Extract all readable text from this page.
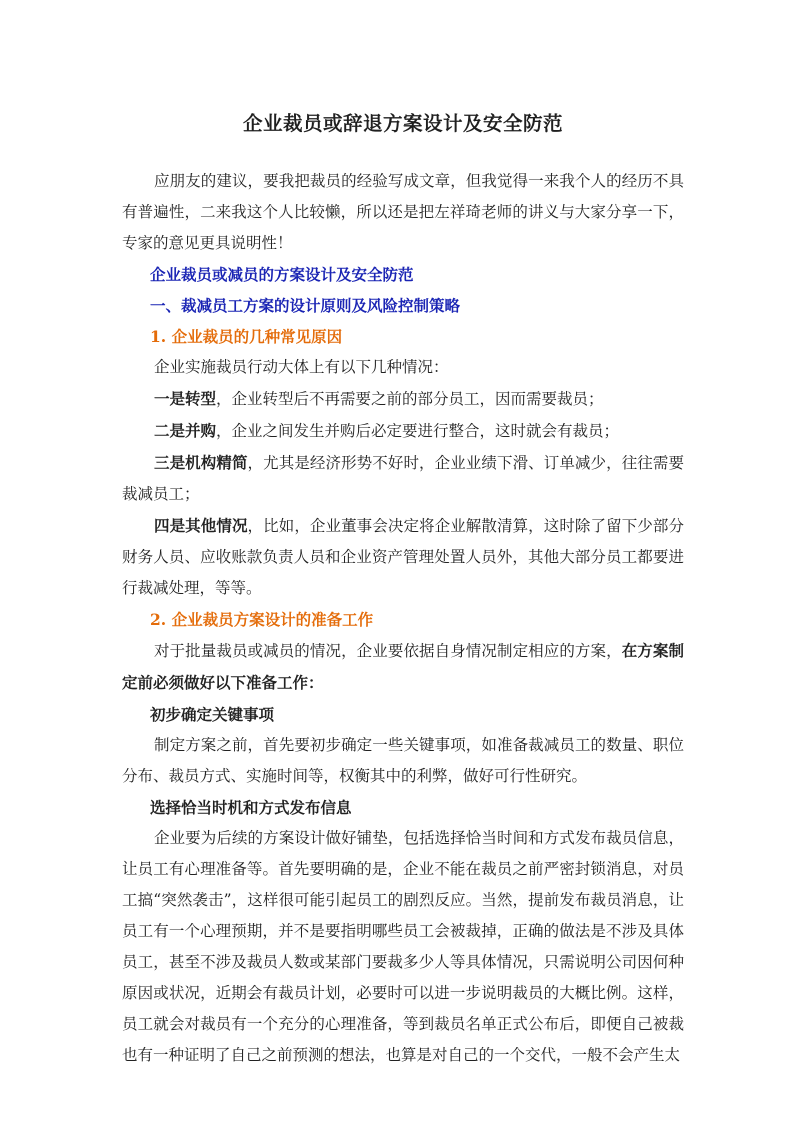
企业裁员或辞退方案设计及安全防范

应朋友的建议，要我把裁员的经验写成文章，但我觉得一来我个人的经历不具有普遍性，二来我这个人比较懒，所以还是把左祥琦老师的讲义与大家分享一下，专家的意见更具说明性！

企业裁员或减员的方案设计及安全防范

一、裁减员工方案的设计原则及风险控制策略

1. 企业裁员的几种常见原因

企业实施裁员行动大体上有以下几种情况：

一是转型，企业转型后不再需要之前的部分员工，因而需要裁员；

二是并购，企业之间发生并购后必定要进行整合，这时就会有裁员；

三是机构精简，尤其是经济形势不好时，企业业绩下滑、订单减少，往往需要裁减员工；

四是其他情况，比如，企业董事会决定将企业解散清算，这时除了留下少部分财务人员、应收账款负责人员和企业资产管理处置人员外，其他大部分员工都要进行裁减处理，等等。

2. 企业裁员方案设计的准备工作

对于批量裁员或减员的情况，企业要依据自身情况制定相应的方案，在方案制定前必须做好以下准备工作：

初步确定关键事项

制定方案之前，首先要初步确定一些关键事项，如准备裁减员工的数量、职位分布、裁员方式、实施时间等，权衡其中的利弊，做好可行性研究。

选择恰当时机和方式发布信息

企业要为后续的方案设计做好铺垫，包括选择恰当时间和方式发布裁员信息，让员工有心理准备等。首先要明确的是，企业不能在裁员之前严密封锁消息，对员工搞“突然袭击”，这样很可能引起员工的剧烈反应。当然，提前发布裁员消息，让员工有一个心理预期，并不是要指明哪些员工会被裁掉，正确的做法是不涉及具体员工，甚至不涉及裁员人数或某部门要裁多少人等具体情况，只需说明公司因何种原因或状况，近期会有裁员计划，必要时可以进一步说明裁员的大概比例。这样，员工就会对裁员有一个充分的心理准备，等到裁员名单正式公布后，即便自己被裁也有一种证明了自己之前预测的想法，也算是对自己的一个交代，一般不会产生太
